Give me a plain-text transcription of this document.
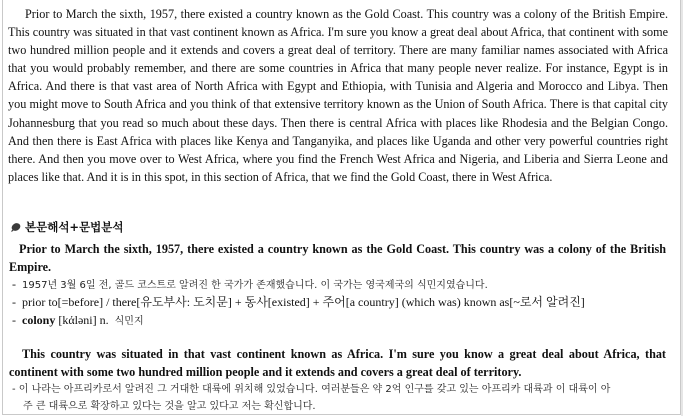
Prior to March the sixth, 1957, there existed a country known as the Gold Coast. This country was a colony of the British Empire. This country was situated in that vast continent known as Africa. I'm sure you know a great deal about Africa, that continent with some two hundred million people and it extends and covers a great deal of territory. There are many familiar names associated with Africa that you would probably remember, and there are some countries in Africa that many people never realize. For instance, Egypt is in Africa. And there is that vast area of North Africa with Egypt and Ethiopia, with Tunisia and Algeria and Morocco and Libya. Then you might move to South Africa and you think of that extensive territory known as the Union of South Africa. There is that capital city Johannesburg that you read so much about these days. Then there is central Africa with places like Rhodesia and the Belgian Congo. And then there is East Africa with places like Kenya and Tanganyika, and places like Uganda and other very powerful countries right there. And then you move over to West Africa, where you find the French West Africa and Nigeria, and Liberia and Sierra Leone and places like that. And it is in this spot, in this section of Africa, that we find the Gold Coast, there in West Africa.

본문해석+문법분석

Prior to March the sixth, 1957, there existed a country known as the Gold Coast. This country was a colony of the British Empire.

- 1957년 3월 6일 전, 골드 코스트로 알려진 한 국가가 존재했습니다. 이 국가는 영국제국의 식민지였습니다.
- prior to[=before] / there[유도부사: 도치문] + 동사[existed] + 주어[a country] (which was) known as[~로서 알려진]
- colony [kάləni] n. 식민지

This country was situated in that vast continent known as Africa. I'm sure you know a great deal about Africa, that continent with some two hundred million people and it extends and covers a great deal of territory.

- 이 나라는 아프리카로서 알려진 그 거대한 대륙에 위치해 있었습니다. 여러분들은 약 2억 인구를 갖고 있는 아프리카 대륙과 이 대륙이 아
주 큰 대륙으로 확장하고 있다는 것을 알고 있다고 저는 확신합니다.
